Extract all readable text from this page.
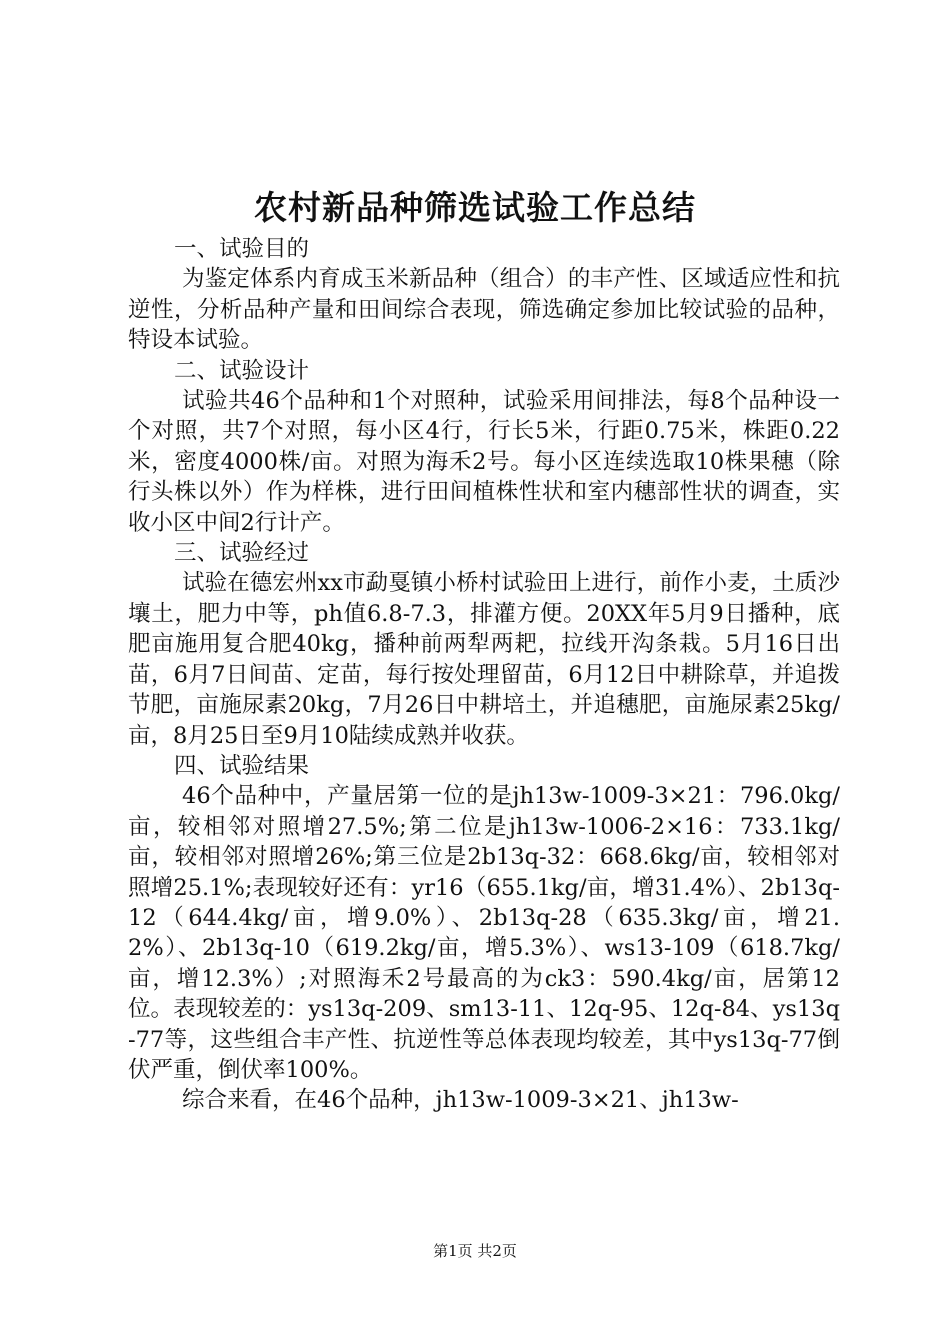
农村新品种筛选试验工作总结
一、试验目的
为鉴定体系内育成玉米新品种（组合）的丰产性、区域适应性和抗逆性，分析品种产量和田间综合表现，筛选确定参加比较试验的品种，特设本试验。
二、试验设计
试验共46个品种和1个对照种，试验采用间排法，每8个品种设一个对照，共7个对照，每小区4行，行长5米，行距0.75米，株距0.22米，密度4000株/亩。对照为海禾2号。每小区连续选取10株果穗（除行头株以外）作为样株，进行田间植株性状和室内穗部性状的调查，实收小区中间2行计产。
三、试验经过
试验在德宏州xx市勐戛镇小桥村试验田上进行，前作小麦，土质沙壤土，肥力中等，ph值6.8-7.3，排灌方便。20XX年5月9日播种，底肥亩施用复合肥40kg，播种前两犁两耙，拉线开沟条栽。5月16日出苗，6月7日间苗、定苗，每行按处理留苗，6月12日中耕除草，并追拨节肥，亩施尿素20kg，7月26日中耕培土，并追穗肥，亩施尿素25kg/亩，8月25日至9月10陆续成熟并收获。
四、试验结果
46个品种中，产量居第一位的是jh13w-1009-3×21：796.0kg/亩，较相邻对照增27.5%;第二位是jh13w-1006-2×16：733.1kg/亩，较相邻对照增26%;第三位是2b13q-32：668.6kg/亩，较相邻对照增25.1%;表现较好还有：yr16（655.1kg/亩，增31.4%）、2b13q-12（644.4kg/亩，增9.0%）、2b13q-28（635.3kg/亩，增21.2%）、2b13q-10（619.2kg/亩，增5.3%）、ws13-109（618.7kg/亩，增12.3%）;对照海禾2号最高的为ck3：590.4kg/亩，居第12位。表现较差的：ys13q-209、sm13-11、12q-95、12q-84、ys13q-77等，这些组合丰产性、抗逆性等总体表现均较差，其中ys13q-77倒伏严重，倒伏率100%。
综合来看，在46个品种，jh13w-1009-3×21、jh13w-
第1页 共2页
